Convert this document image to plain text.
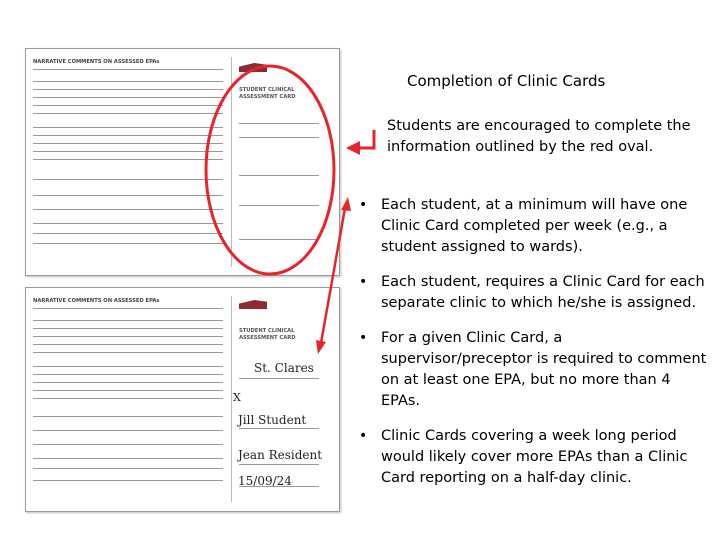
NARRATIVE COMMENTS ON ASSESSED EPAs
STUDENT CLINICAL
ASSESSMENT CARD
NARRATIVE COMMENTS ON ASSESSED EPAs
STUDENT CLINICAL
ASSESSMENT CARD
St. Clares
X
Jill Student
Jean Resident
15/09/24
Completion of Clinic Cards
Students are encouraged to complete the information outlined by the red oval.
• Each student, at a minimum will have one Clinic Card completed per week (e.g., a student assigned to wards).
• Each student, requires a Clinic Card for each separate clinic to which he/she is assigned.
• For a given Clinic Card, a supervisor/preceptor is required to comment on at least one EPA, but no more than 4 EPAs.
• Clinic Cards covering a week long period would likely cover more EPAs than a Clinic Card reporting on a half-day clinic.
